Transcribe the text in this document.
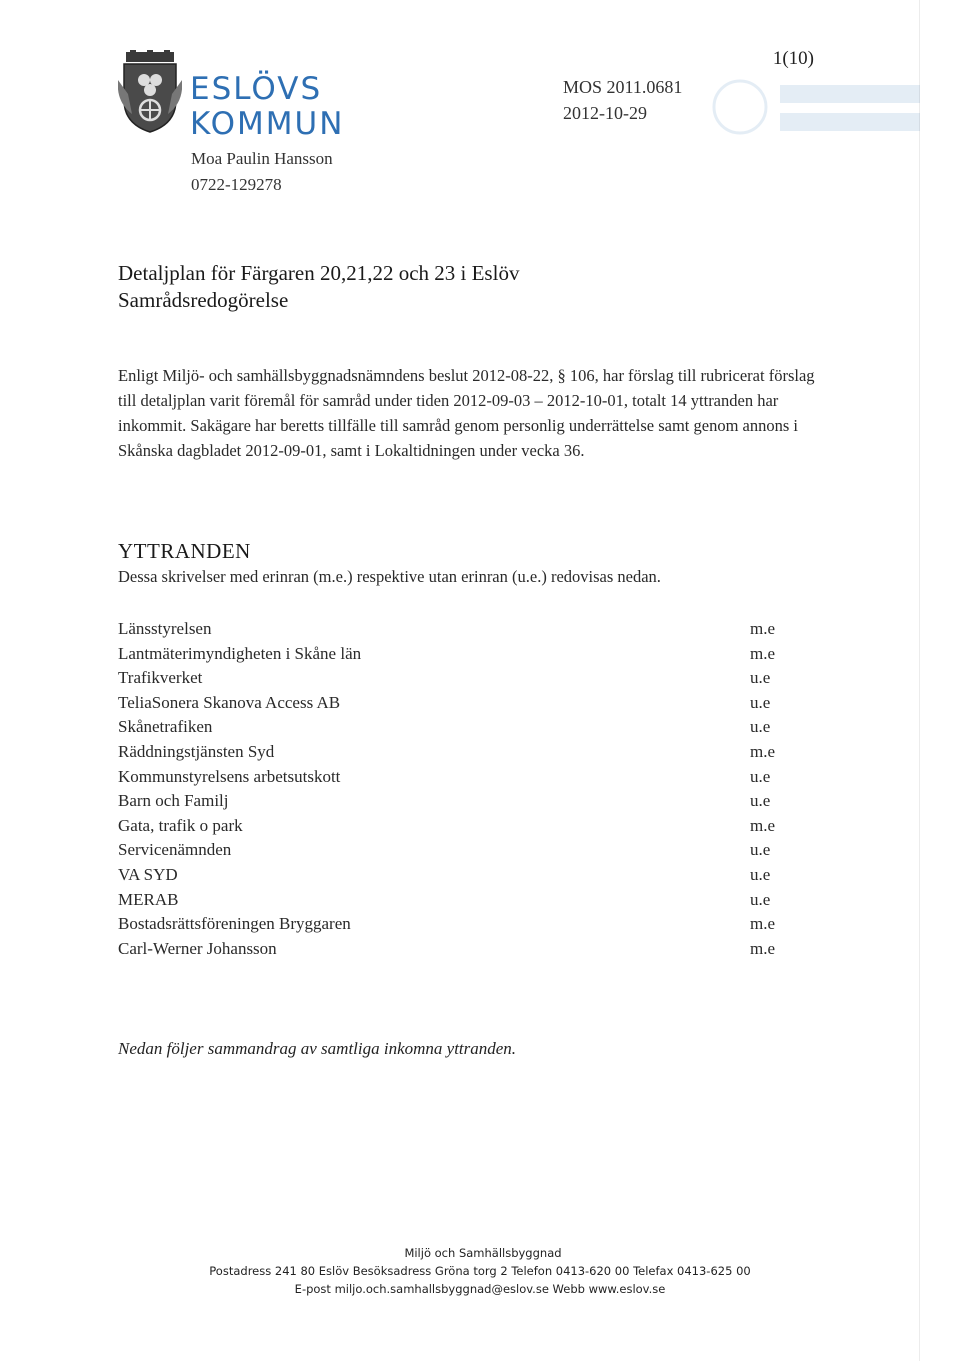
ESLÖVS
KOMMUN
1(10)
Moa Paulin Hansson
0722-129278
MOS 2011.0681
2012-10-29
Detaljplan för Färgaren 20,21,22 och 23 i Eslöv
Samrådsredogörelse

Enligt Miljö- och samhällsbyggnadsnämndens beslut 2012-08-22, § 106, har förslag till rubricerat förslag till detaljplan varit föremål för samråd under tiden 2012-09-03 – 2012-10-01, totalt 14 yttranden har inkommit. Sakägare har beretts tillfälle till samråd genom personlig underrättelse samt genom annons i Skånska dagbladet 2012-09-01, samt i Lokaltidningen under vecka 36.

YTTRANDEN
Dessa skrivelser med erinran (m.e.) respektive utan erinran (u.e.) redovisas nedan.
Länsstyrelsen	m.e
Lantmäterimyndigheten i Skåne län	m.e
Trafikverket	u.e
TeliaSonera Skanova Access AB	u.e
Skånetrafiken	u.e
Räddningstjänsten Syd	m.e
Kommunstyrelsens arbetsutskott	u.e
Barn och Familj	u.e
Gata, trafik o park	m.e
Servicenämnden	u.e
VA SYD	u.e
MERAB	u.e
Bostadsrättsföreningen Bryggaren	m.e
Carl-Werner Johansson	m.e
Nedan följer sammandrag av samtliga inkomna yttranden.
Miljö och Samhällsbyggnad
Postadress 241 80 Eslöv Besöksadress Gröna torg 2 Telefon 0413-620 00 Telefax 0413-625 00
E-post miljo.och.samhallsbyggnad@eslov.se Webb www.eslov.se
